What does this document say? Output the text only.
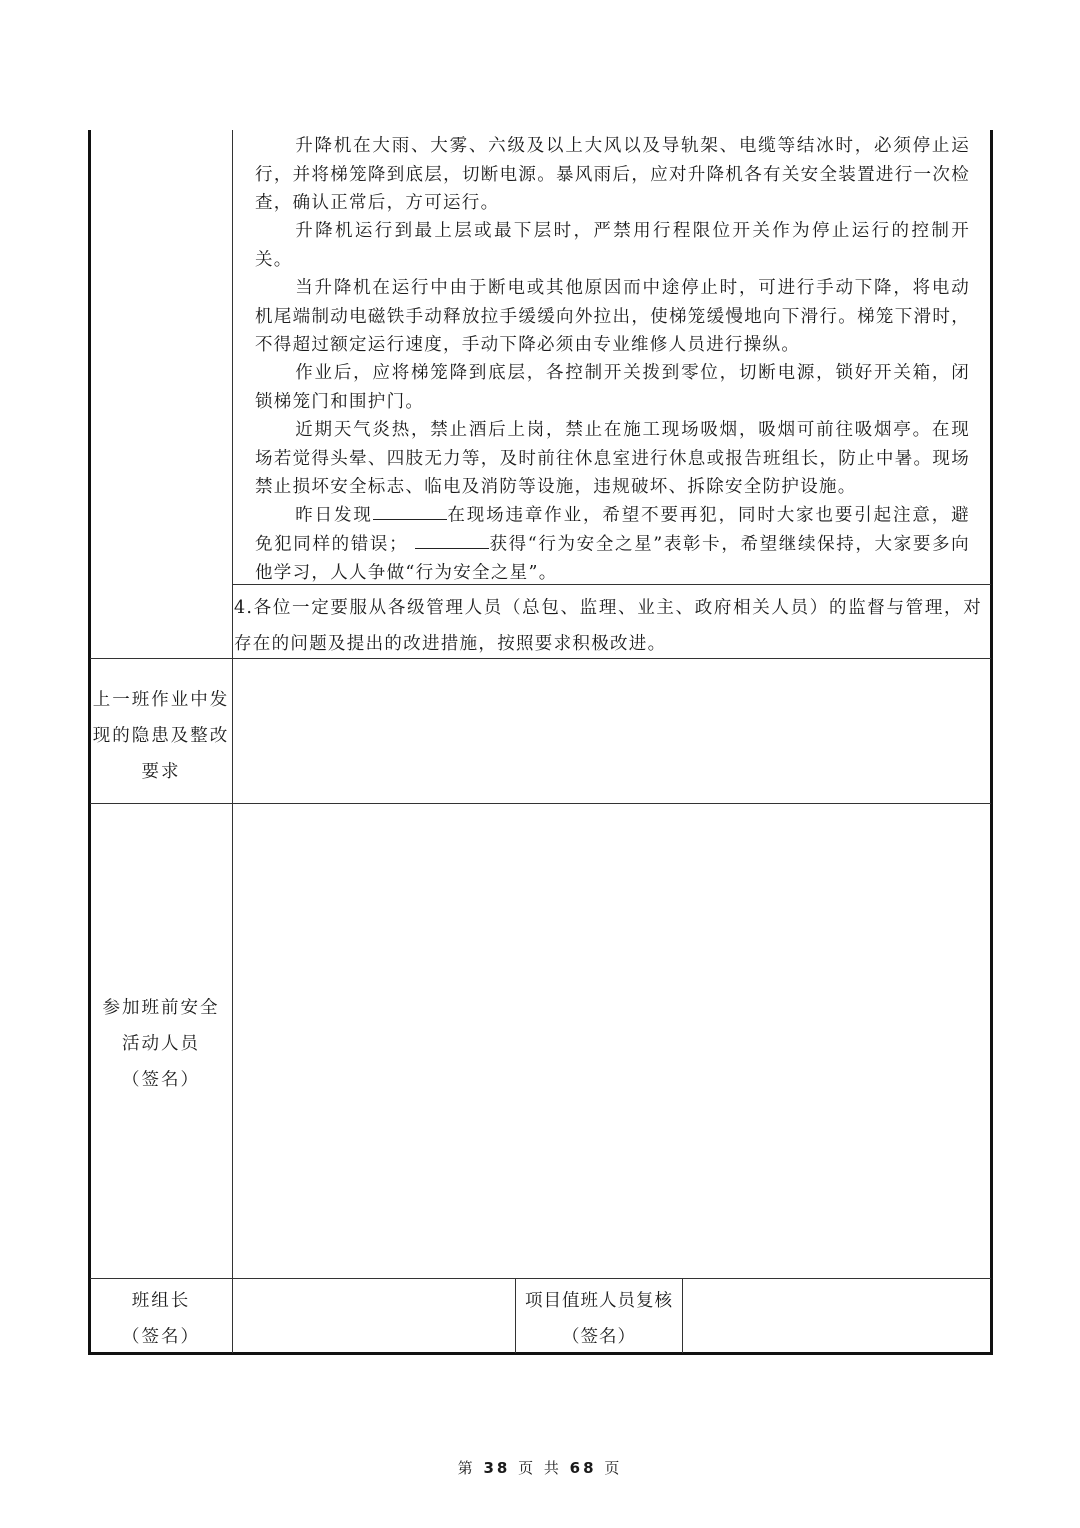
升降机在大雨、大雾、六级及以上大风以及导轨架、电缆等结冰时，必须停止运行，并将梯笼降到底层，切断电源。暴风雨后，应对升降机各有关安全装置进行一次检查，确认正常后，方可运行。

升降机运行到最上层或最下层时，严禁用行程限位开关作为停止运行的控制开关。

当升降机在运行中由于断电或其他原因而中途停止时，可进行手动下降，将电动机尾端制动电磁铁手动释放拉手缓缓向外拉出，使梯笼缓慢地向下滑行。梯笼下滑时，不得超过额定运行速度，手动下降必须由专业维修人员进行操纵。

作业后，应将梯笼降到底层，各控制开关拨到零位，切断电源，锁好开关箱，闭锁梯笼门和围护门。

近期天气炎热，禁止酒后上岗，禁止在施工现场吸烟，吸烟可前往吸烟亭。在现场若觉得头晕、四肢无力等，及时前往休息室进行休息或报告班组长，防止中暑。现场禁止损坏安全标志、临电及消防等设施，违规破坏、拆除安全防护设施。

昨日发现	在现场违章作业，希望不要再犯，同时大家也要引起注意，避免犯同样的错误；	获得“行为安全之星”表彰卡，希望继续保持，大家要多向他学习，人人争做“行为安全之星”。

4.各位一定要服从各级管理人员（总包、监理、业主、政府相关人员）的监督与管理，对存在的问题及提出的改进措施，按照要求积极改进。

上一班作业中发
现的隐患及整改
要求
参加班前安全
活动人员
（签名）
班组长
（签名）
项目值班人员复核
（签名）
第 38 页 共 68 页
